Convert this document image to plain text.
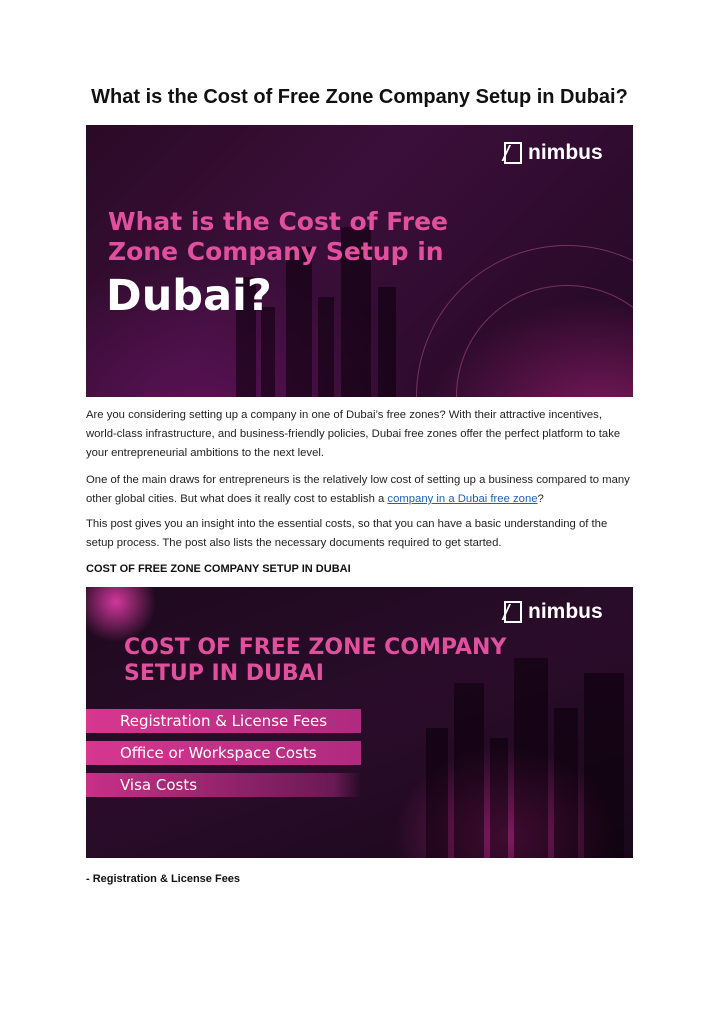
What is the Cost of Free Zone Company Setup in Dubai?
nimbus
What is the Cost of Free Zone Company Setup in
Dubai?

Are you considering setting up a company in one of Dubai’s free zones? With their attractive incentives, world-class infrastructure, and business-friendly policies, Dubai free zones offer the perfect platform to take your entrepreneurial ambitions to the next level.

One of the main draws for entrepreneurs is the relatively low cost of setting up a business compared to many other global cities. But what does it really cost to establish a company in a Dubai free zone?

This post gives you an insight into the essential costs, so that you can have a basic understanding of the setup process. The post also lists the necessary documents required to get started.

COST OF FREE ZONE COMPANY SETUP IN DUBAI
nimbus
COST OF FREE ZONE COMPANY SETUP IN DUBAI
Registration & License Fees
Office or Workspace Costs
Visa Costs
- Registration & License Fees
